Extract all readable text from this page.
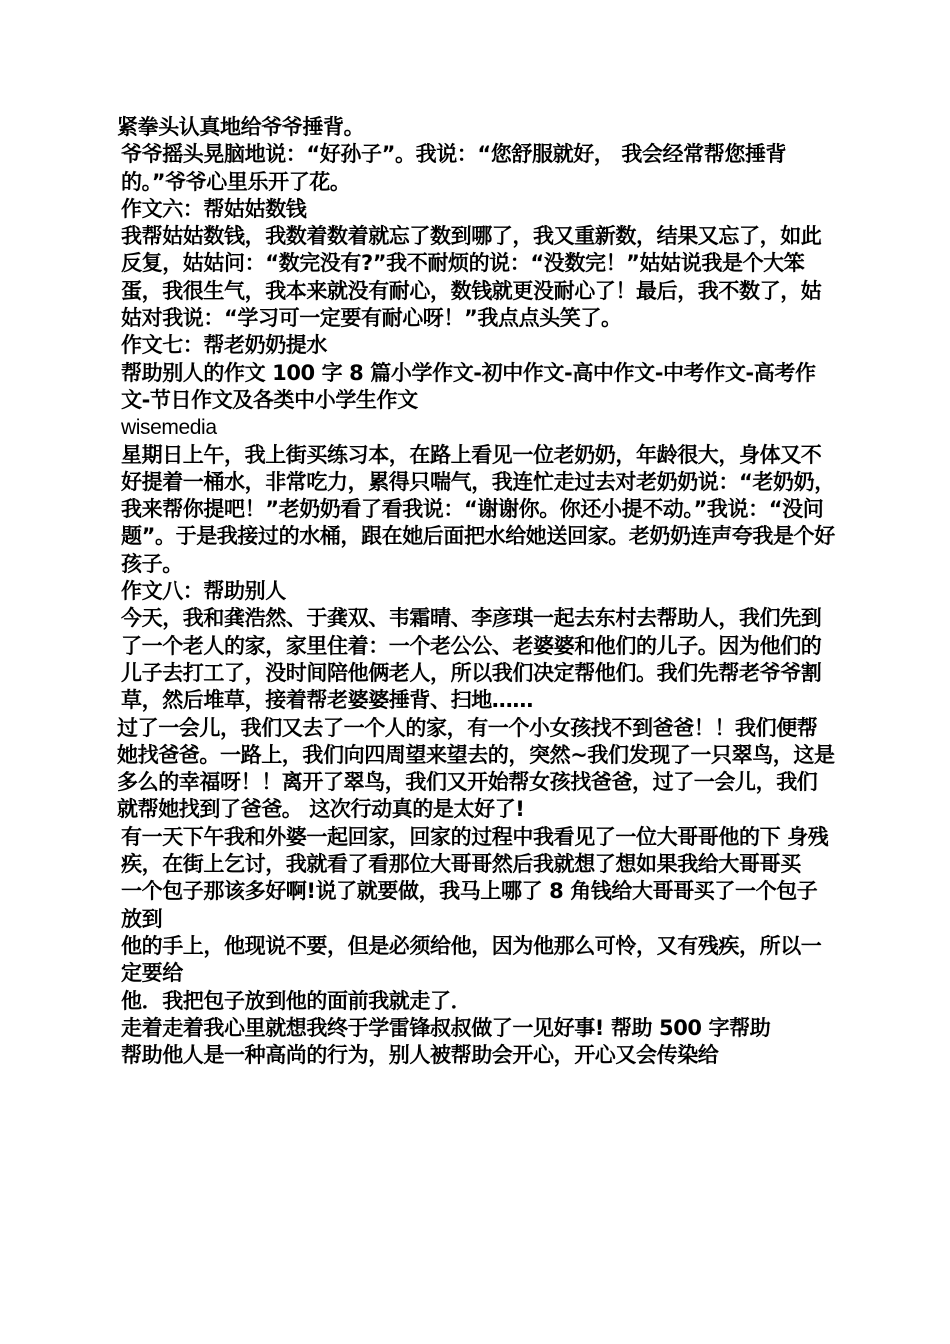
紧拳头认真地给爷爷捶背。

爷爷摇头晃脑地说：“好孙子”。我说：“您舒服就好， 我会经常帮您捶背的。”爷爷心里乐开了花。

作文六：帮姑姑数钱

我帮姑姑数钱，我数着数着就忘了数到哪了，我又重新数，结果又忘了，如此反复，姑姑问：“数完没有?”我不耐烦的说：“没数完！”姑姑说我是个大笨蛋，我很生气，我本来就没有耐心，数钱就更没耐心了！最后，我不数了，姑姑对我说：“学习可一定要有耐心呀！”我点点头笑了。

作文七：帮老奶奶提水

帮助别人的作文 100 字 8 篇小学作文-初中作文-高中作文-中考作文-高考作文-节日作文及各类中小学生作文

wisemedia

星期日上午，我上街买练习本，在路上看见一位老奶奶，年龄很大，身体又不好提着一桶水，非常吃力，累得只喘气，我连忙走过去对老奶奶说：“老奶奶，我来帮你提吧！”老奶奶看了看我说：“谢谢你。你还小提不动。”我说：“没问题”。于是我接过的水桶，跟在她后面把水给她送回家。老奶奶连声夸我是个好孩子。

作文八：帮助别人

今天，我和龚浩然、于龚双、韦霜晴、李彦琪一起去东村去帮助人，我们先到了一个老人的家，家里住着：一个老公公、老婆婆和他们的儿子。因为他们的儿子去打工了，没时间陪他俩老人，所以我们决定帮他们。我们先帮老爷爷割草，然后堆草，接着帮老婆婆捶背、扫地……

过了一会儿，我们又去了一个人的家，有一个小女孩找不到爸爸！！我们便帮她找爸爸。一路上，我们向四周望来望去的，突然~我们发现了一只翠鸟，这是多么的幸福呀！！离开了翠鸟，我们又开始帮女孩找爸爸，过了一会儿，我们就帮她找到了爸爸。 这次行动真的是太好了!

有一天下午我和外婆一起回家，回家的过程中我看见了一位大哥哥他的下 身残疾，在街上乞讨，我就看了看那位大哥哥然后我就想了想如果我给大哥哥买

一个包子那该多好啊!说了就要做，我马上哪了 8 角钱给大哥哥买了一个包子放到

他的手上，他现说不要，但是必须给他，因为他那么可怜，又有残疾，所以一定要给

他．我把包子放到他的面前我就走了．

走着走着我心里就想我终于学雷锋叔叔做了一见好事! 帮助 500 字帮助

帮助他人是一种高尚的行为，别人被帮助会开心，开心又会传染给
